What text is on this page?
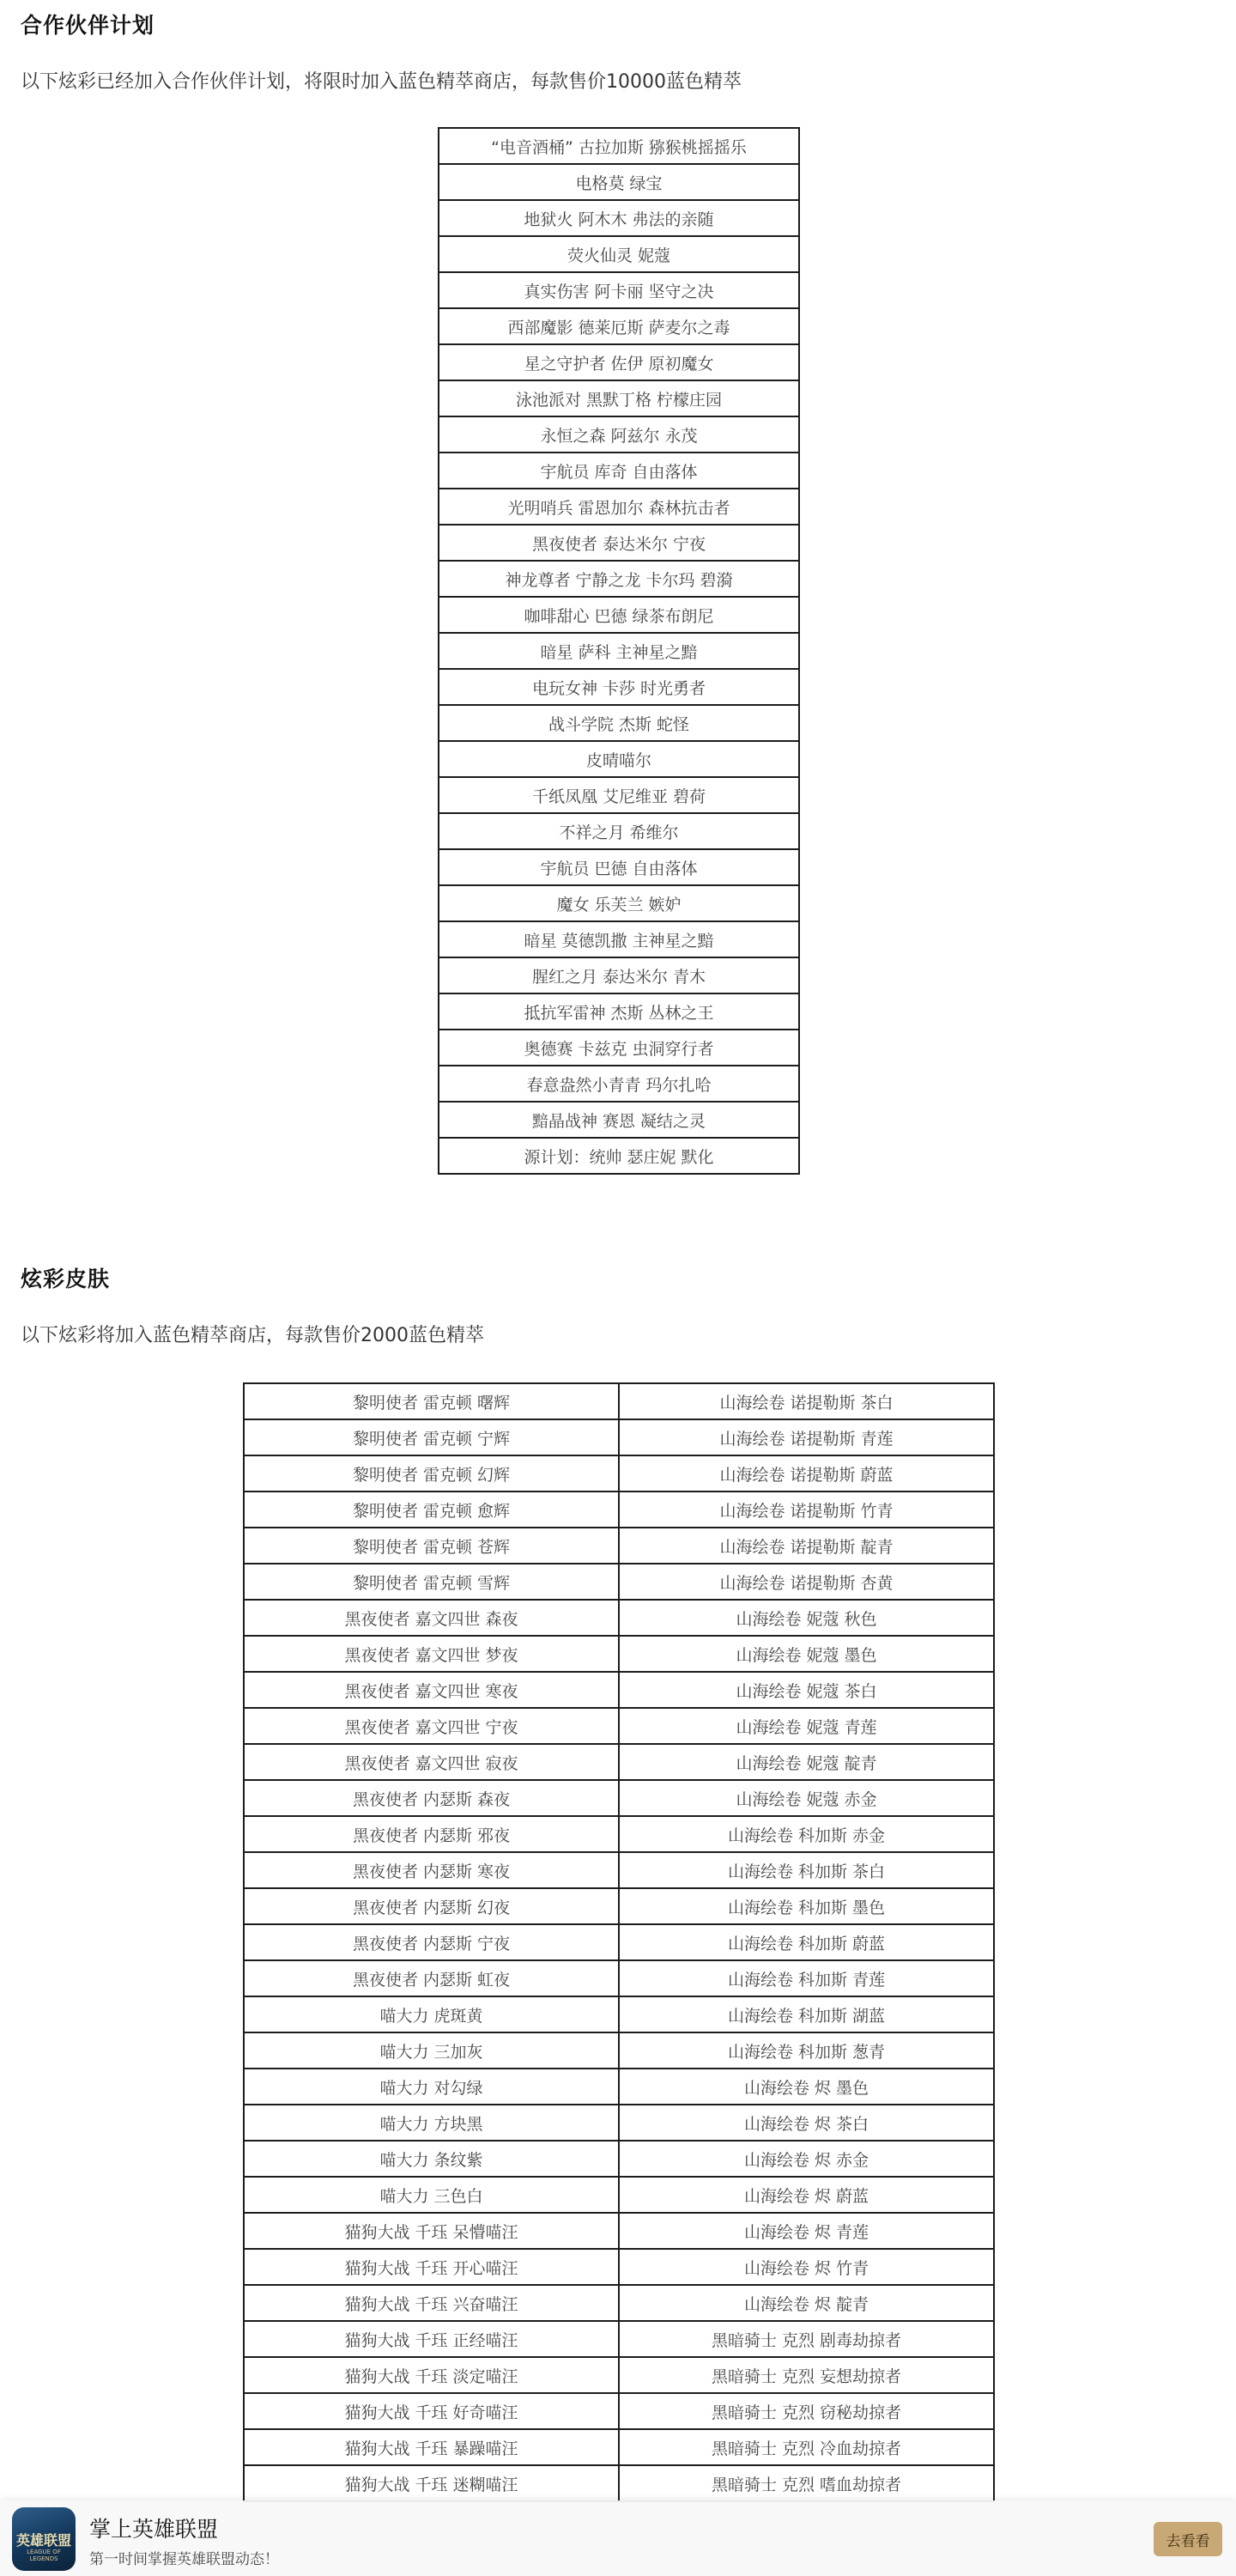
合作伙伴计划

以下炫彩已经加入合作伙伴计划，将限时加入蓝色精萃商店，每款售价10000蓝色精萃

“电音酒桶” 古拉加斯 猕猴桃摇摇乐
电格莫 绿宝
地狱火 阿木木 弗法的亲随
荧火仙灵 妮蔻
真实伤害 阿卡丽 坚守之决
西部魔影 德莱厄斯 萨麦尔之毒
星之守护者 佐伊 原初魔女
泳池派对 黑默丁格 柠檬庄园
永恒之森 阿兹尔 永茂
宇航员 库奇 自由落体
光明哨兵 雷恩加尔 森林抗击者
黑夜使者 泰达米尔 宁夜
神龙尊者 宁静之龙 卡尔玛 碧漪
咖啡甜心 巴德 绿茶布朗尼
暗星 萨科 主神星之黯
电玩女神 卡莎 时光勇者
战斗学院 杰斯 蛇怪
皮晴喵尔
千纸凤凰 艾尼维亚 碧荷
不祥之月 希维尔
宇航员 巴德 自由落体
魔女 乐芙兰 嫉妒
暗星 莫德凯撒 主神星之黯
腥红之月 泰达米尔 青木
抵抗军雷神 杰斯 丛林之王
奥德赛 卡兹克 虫洞穿行者
春意盎然小青青 玛尔扎哈
黯晶战神 赛恩 凝结之灵
源计划：统帅 瑟庄妮 默化
炫彩皮肤

以下炫彩将加入蓝色精萃商店，每款售价2000蓝色精萃

黎明使者 雷克顿 曙辉	山海绘卷 诺提勒斯 茶白
黎明使者 雷克顿 宁辉	山海绘卷 诺提勒斯 青莲
黎明使者 雷克顿 幻辉	山海绘卷 诺提勒斯 蔚蓝
黎明使者 雷克顿 愈辉	山海绘卷 诺提勒斯 竹青
黎明使者 雷克顿 苍辉	山海绘卷 诺提勒斯 靛青
黎明使者 雷克顿 雪辉	山海绘卷 诺提勒斯 杏黄
黑夜使者 嘉文四世 森夜	山海绘卷 妮蔻 秋色
黑夜使者 嘉文四世 梦夜	山海绘卷 妮蔻 墨色
黑夜使者 嘉文四世 寒夜	山海绘卷 妮蔻 茶白
黑夜使者 嘉文四世 宁夜	山海绘卷 妮蔻 青莲
黑夜使者 嘉文四世 寂夜	山海绘卷 妮蔻 靛青
黑夜使者 内瑟斯 森夜	山海绘卷 妮蔻 赤金
黑夜使者 内瑟斯 邪夜	山海绘卷 科加斯 赤金
黑夜使者 内瑟斯 寒夜	山海绘卷 科加斯 茶白
黑夜使者 内瑟斯 幻夜	山海绘卷 科加斯 墨色
黑夜使者 内瑟斯 宁夜	山海绘卷 科加斯 蔚蓝
黑夜使者 内瑟斯 虹夜	山海绘卷 科加斯 青莲
喵大力 虎斑黄	山海绘卷 科加斯 湖蓝
喵大力 三加灰	山海绘卷 科加斯 葱青
喵大力 对勾绿	山海绘卷 烬 墨色
喵大力 方块黑	山海绘卷 烬 茶白
喵大力 条纹紫	山海绘卷 烬 赤金
喵大力 三色白	山海绘卷 烬 蔚蓝
猫狗大战 千珏 呆懵喵汪	山海绘卷 烬 青莲
猫狗大战 千珏 开心喵汪	山海绘卷 烬 竹青
猫狗大战 千珏 兴奋喵汪	山海绘卷 烬 靛青
猫狗大战 千珏 正经喵汪	黑暗骑士 克烈 剧毒劫掠者
猫狗大战 千珏 淡定喵汪	黑暗骑士 克烈 妄想劫掠者
猫狗大战 千珏 好奇喵汪	黑暗骑士 克烈 窃秘劫掠者
猫狗大战 千珏 暴躁喵汪	黑暗骑士 克烈 冷血劫掠者
猫狗大战 千珏 迷糊喵汪	黑暗骑士 克烈 嗜血劫掠者
英雄联盟
LEAGUE OF LEGENDS
掌上英雄联盟
第一时间掌握英雄联盟动态！
去看看
